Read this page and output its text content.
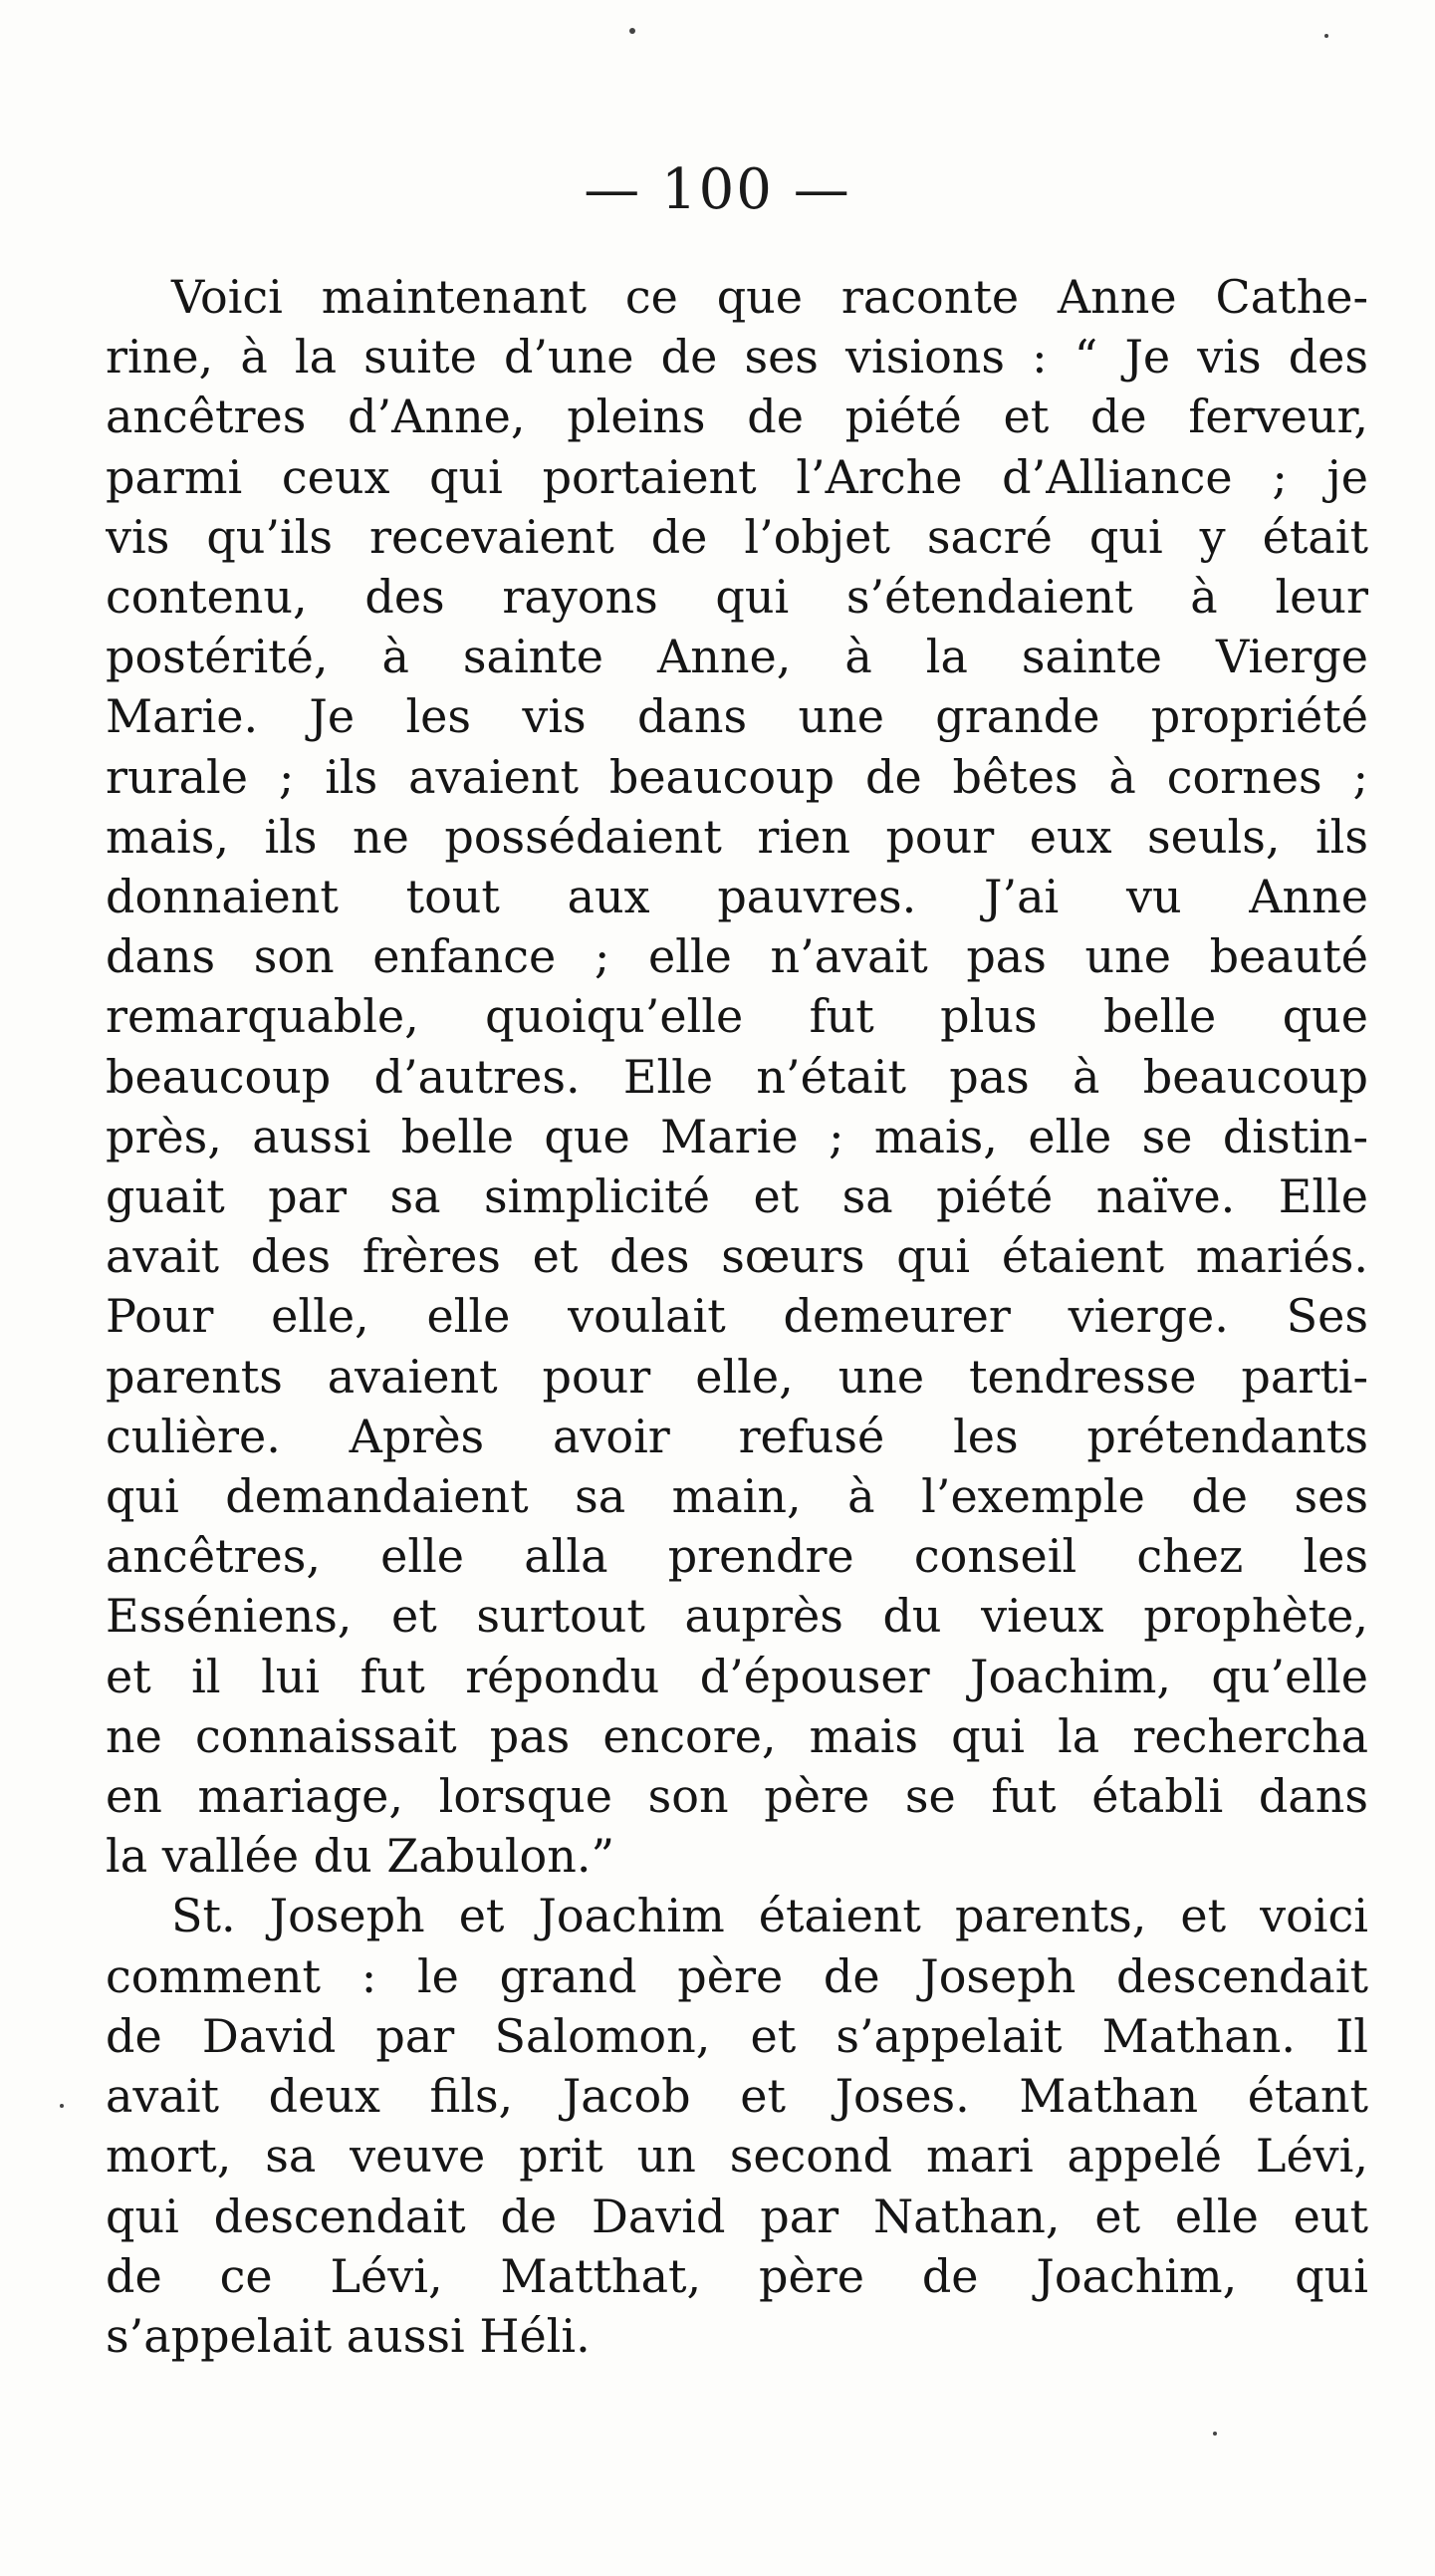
— 100 —
Voici maintenant ce que raconte Anne Cathe-
rine, à la suite d’une de ses visions : “ Je vis des
ancêtres d’Anne, pleins de piété et de ferveur,
parmi ceux qui portaient l’Arche d’Alliance ; je
vis qu’ils recevaient de l’objet sacré qui y était
contenu, des rayons qui s’étendaient à leur
postérité, à sainte Anne, à la sainte Vierge
Marie. Je les vis dans une grande propriété
rurale ; ils avaient beaucoup de bêtes à cornes ;
mais, ils ne possédaient rien pour eux seuls, ils
donnaient tout aux pauvres. J’ai vu Anne
dans son enfance ; elle n’avait pas une beauté
remarquable, quoiqu’elle fut plus belle que
beaucoup d’autres. Elle n’était pas à beaucoup
près, aussi belle que Marie ; mais, elle se distin-
guait par sa simplicité et sa piété naïve. Elle
avait des frères et des sœurs qui étaient mariés.
Pour elle, elle voulait demeurer vierge. Ses
parents avaient pour elle, une tendresse parti-
culière. Après avoir refusé les prétendants
qui demandaient sa main, à l’exemple de ses
ancêtres, elle alla prendre conseil chez les
Esséniens, et surtout auprès du vieux prophète,
et il lui fut répondu d’épouser Joachim, qu’elle
ne connaissait pas encore, mais qui la rechercha
en mariage, lorsque son père se fut établi dans
la vallée du Zabulon.”
St. Joseph et Joachim étaient parents, et voici
comment : le grand père de Joseph descendait
de David par Salomon, et s’appelait Mathan. Il
avait deux fils, Jacob et Joses. Mathan étant
mort, sa veuve prit un second mari appelé Lévi,
qui descendait de David par Nathan, et elle eut
de ce Lévi, Matthat, père de Joachim, qui
s’appelait aussi Héli.
